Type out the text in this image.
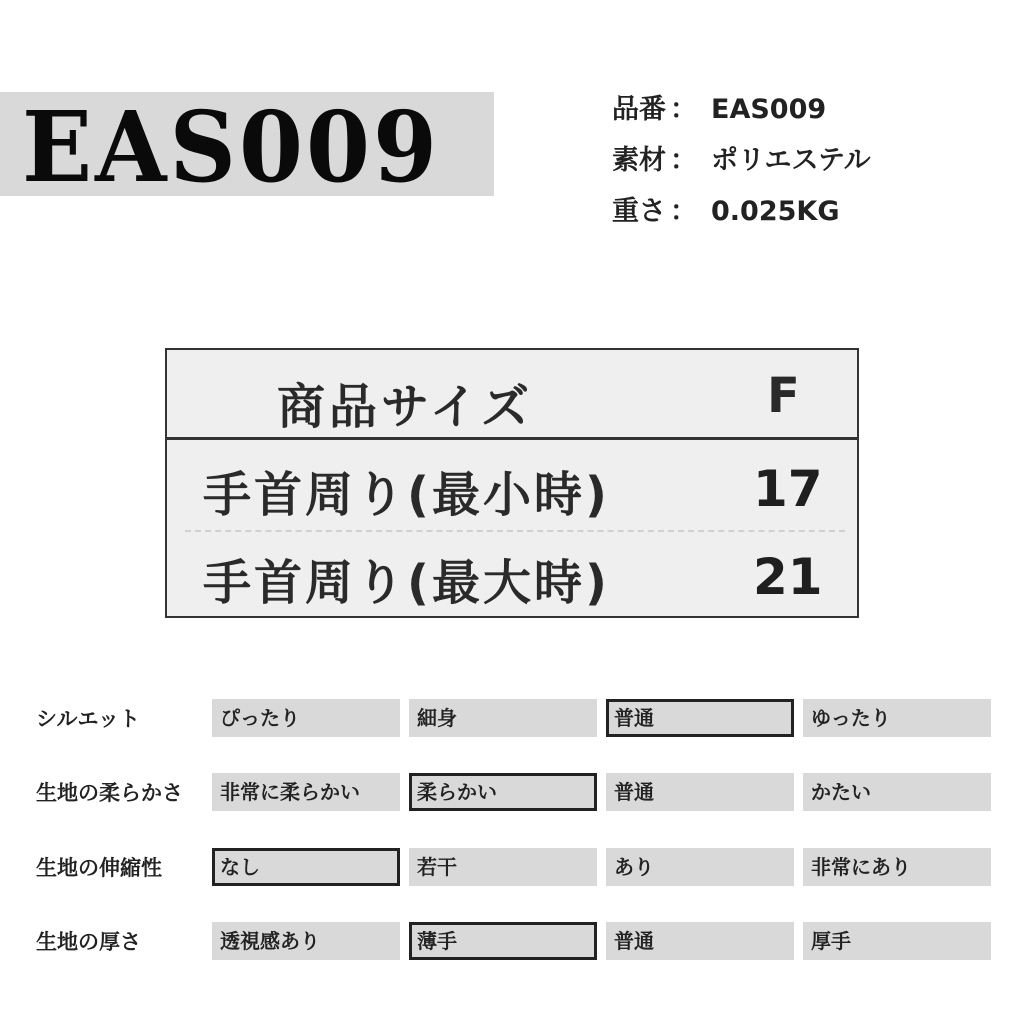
EAS009	品番 ： EAS009
素材 ： ポリエステル
重さ ： 0.025KG
商品サイズ	F
手首周り(最小時)	17
手首周り(最大時)	21
シルエット	ぴったり	細身	普通	ゆったり
生地の柔らかさ	非常に柔らかい	柔らかい	普通	かたい
生地の伸縮性	なし	若干	あり	非常にあり
生地の厚さ	透視感あり	薄手	普通	厚手
